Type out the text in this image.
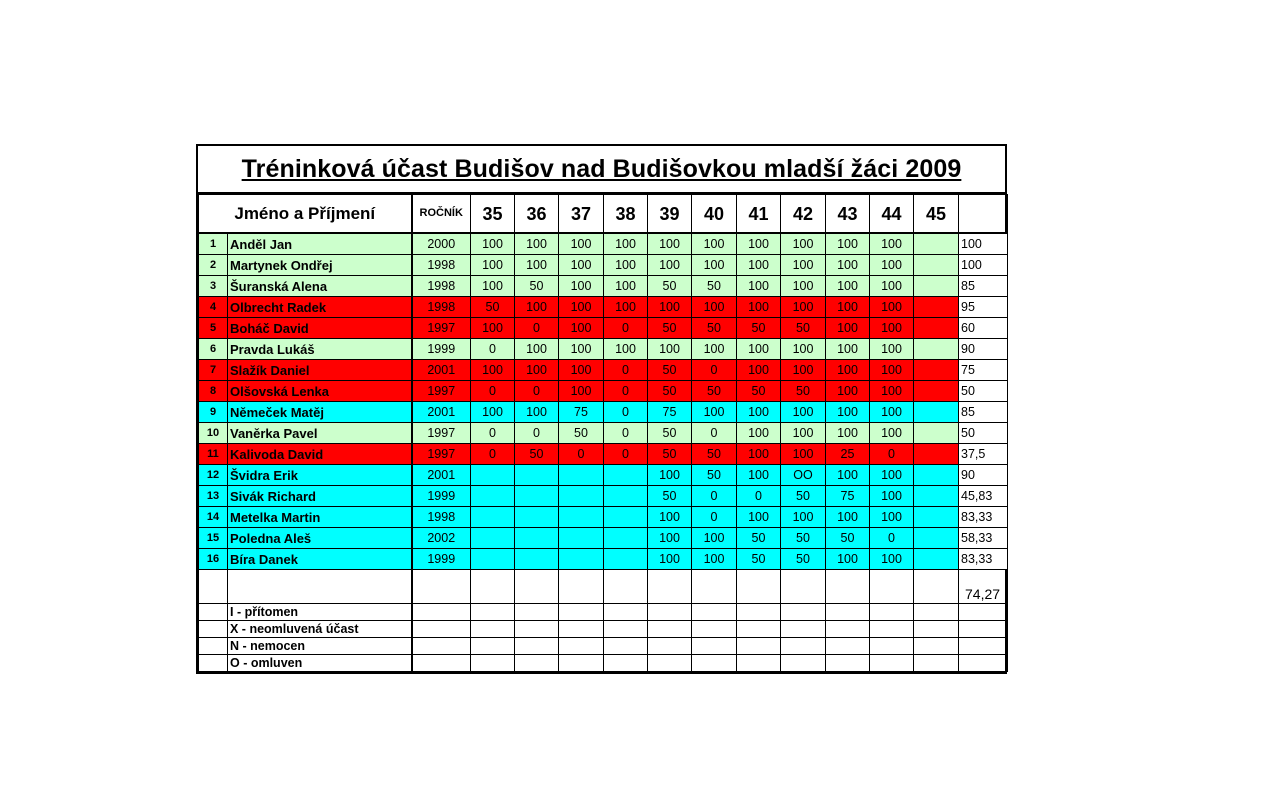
Tréninková účast Budišov nad Budišovkou mladší žáci 2009
Jméno a Příjmení		ROČNÍK	35	36	37	38	39	40	41	42	43	44	45	
1	Anděl Jan	2000	100	100	100	100	100	100	100	100	100	100		100
2	Martynek Ondřej	1998	100	100	100	100	100	100	100	100	100	100		100
3	Šuranská Alena	1998	100	50	100	100	50	50	100	100	100	100		85
4	Olbrecht Radek	1998	50	100	100	100	100	100	100	100	100	100		95
5	Boháč David	1997	100	0	100	0	50	50	50	50	100	100		60
6	Pravda Lukáš	1999	0	100	100	100	100	100	100	100	100	100		90
7	Slažík Daniel	2001	100	100	100	0	50	0	100	100	100	100		75
8	Olšovská Lenka	1997	0	0	100	0	50	50	50	50	100	100		50
9	Němeček Matěj	2001	100	100	75	0	75	100	100	100	100	100		85
10	Vaněrka Pavel	1997	0	0	50	0	50	0	100	100	100	100		50
11	Kalivoda David	1997	0	50	0	0	50	50	100	100	25	0		37,5
12	Švidra Erik	2001					100	50	100	OO	100	100		90
13	Sivák Richard	1999					50	0	0	50	75	100		45,83
14	Metelka Martin	1998					100	0	100	100	100	100		83,33
15	Poledna Aleš	2002					100	100	50	50	50	0		58,33
16	Bíra Danek	1999					100	100	50	50	100	100		83,33
														74,27
	I - přítomen													
	X - neomluvená účast													
	N - nemocen													
	O - omluven													
